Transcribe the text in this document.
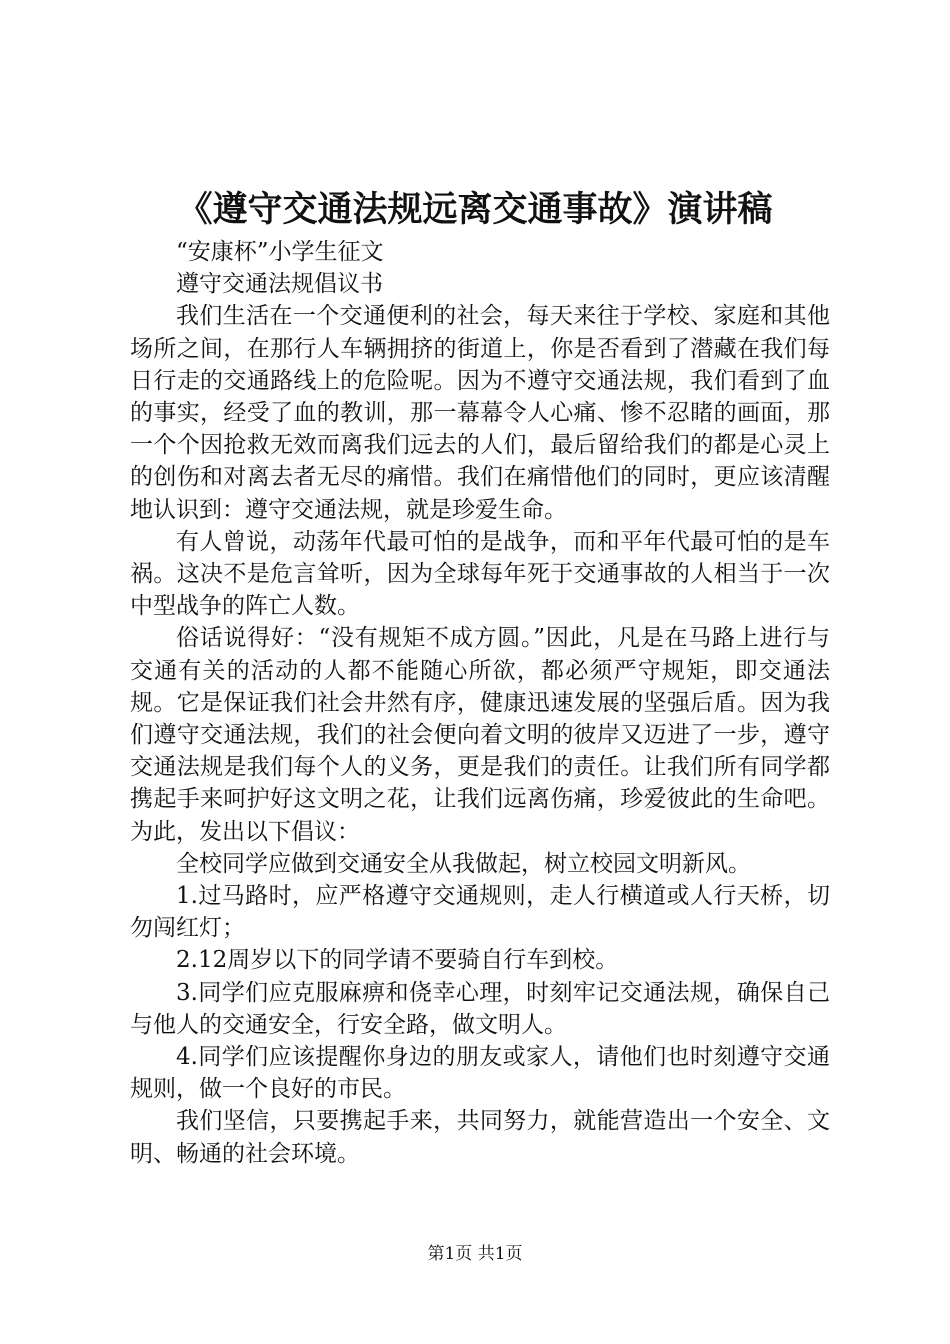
《遵守交通法规远离交通事故》演讲稿

“安康杯”小学生征文

遵守交通法规倡议书

我们生活在一个交通便利的社会，每天来往于学校、家庭和其他场所之间，在那行人车辆拥挤的街道上，你是否看到了潜藏在我们每日行走的交通路线上的危险呢。因为不遵守交通法规，我们看到了血的事实，经受了血的教训，那一幕幕令人心痛、惨不忍睹的画面，那一个个因抢救无效而离我们远去的人们，最后留给我们的都是心灵上的创伤和对离去者无尽的痛惜。我们在痛惜他们的同时，更应该清醒地认识到：遵守交通法规，就是珍爱生命。

有人曾说，动荡年代最可怕的是战争，而和平年代最可怕的是车祸。这决不是危言耸听，因为全球每年死于交通事故的人相当于一次中型战争的阵亡人数。

俗话说得好：“没有规矩不成方圆。”因此，凡是在马路上进行与交通有关的活动的人都不能随心所欲，都必须严守规矩，即交通法规。它是保证我们社会井然有序，健康迅速发展的坚强后盾。因为我们遵守交通法规，我们的社会便向着文明的彼岸又迈进了一步，遵守交通法规是我们每个人的义务，更是我们的责任。让我们所有同学都携起手来呵护好这文明之花，让我们远离伤痛，珍爱彼此的生命吧。为此，发出以下倡议：

全校同学应做到交通安全从我做起，树立校园文明新风。

1.过马路时，应严格遵守交通规则，走人行横道或人行天桥，切勿闯红灯；

2.12周岁以下的同学请不要骑自行车到校。

3.同学们应克服麻痹和侥幸心理，时刻牢记交通法规，确保自己与他人的交通安全，行安全路，做文明人。

4.同学们应该提醒你身边的朋友或家人，请他们也时刻遵守交通规则，做一个良好的市民。

我们坚信，只要携起手来，共同努力，就能营造出一个安全、文明、畅通的社会环境。

第1页 共1页
